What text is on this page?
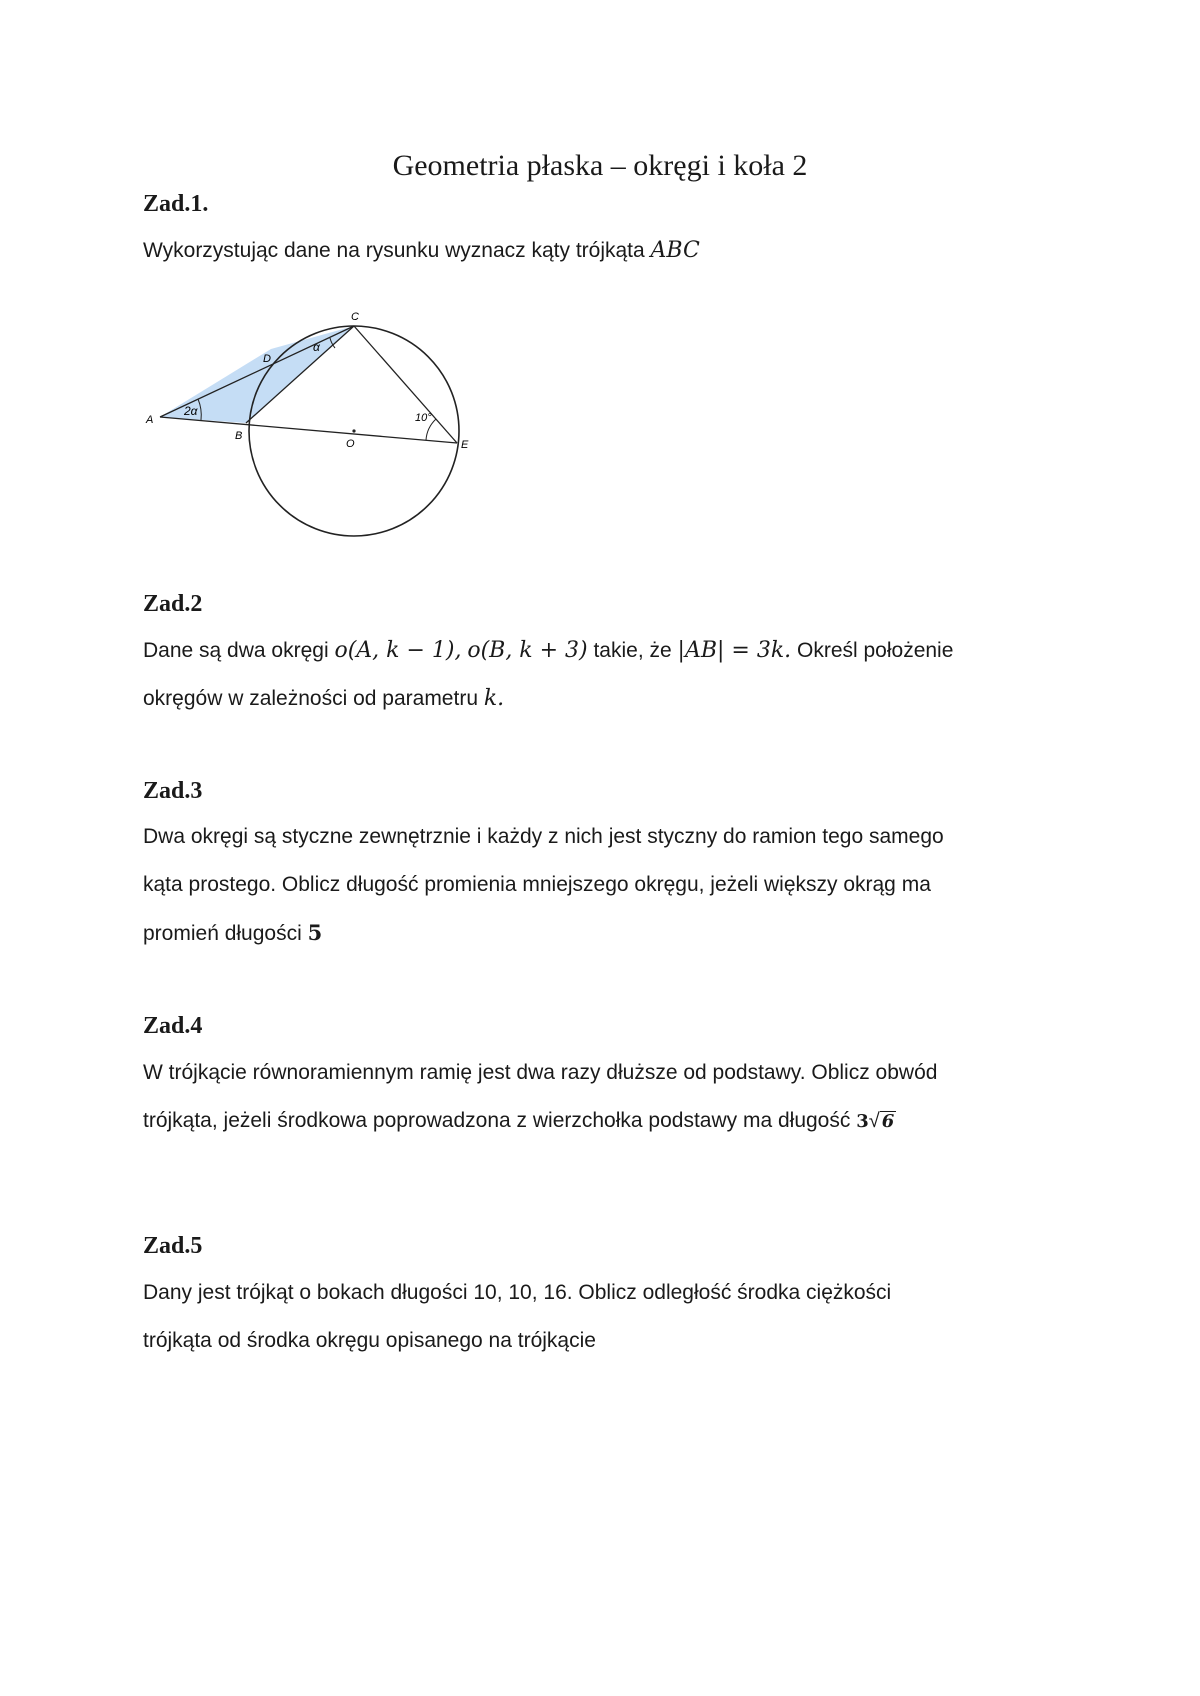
Geometria płaska – okręgi i koła 2
Zad.1.
Wykorzystując dane na rysunku wyznacz kąty trójkąta ABC
A
B
C
D
E
O
2α
α
10°
Zad.2
Dane są dwa okręgi o(A, k − 1), o(B, k + 3) takie, że |AB| = 3k. Określ położenie
okręgów w zależności od parametru k.
Zad.3
Dwa okręgi są styczne zewnętrznie i każdy z nich jest styczny do ramion tego samego
kąta prostego. Oblicz długość promienia mniejszego okręgu, jeżeli większy okrąg ma
promień długości 5
Zad.4
W trójkącie równoramiennym ramię jest dwa razy dłuższe od podstawy. Oblicz obwód
trójkąta, jeżeli środkowa poprowadzona z wierzchołka podstawy ma długość 3√ 6
Zad.5
Dany jest trójkąt o bokach długości 10, 10, 16. Oblicz odległość środka ciężkości
trójkąta od środka okręgu opisanego na trójkącie
